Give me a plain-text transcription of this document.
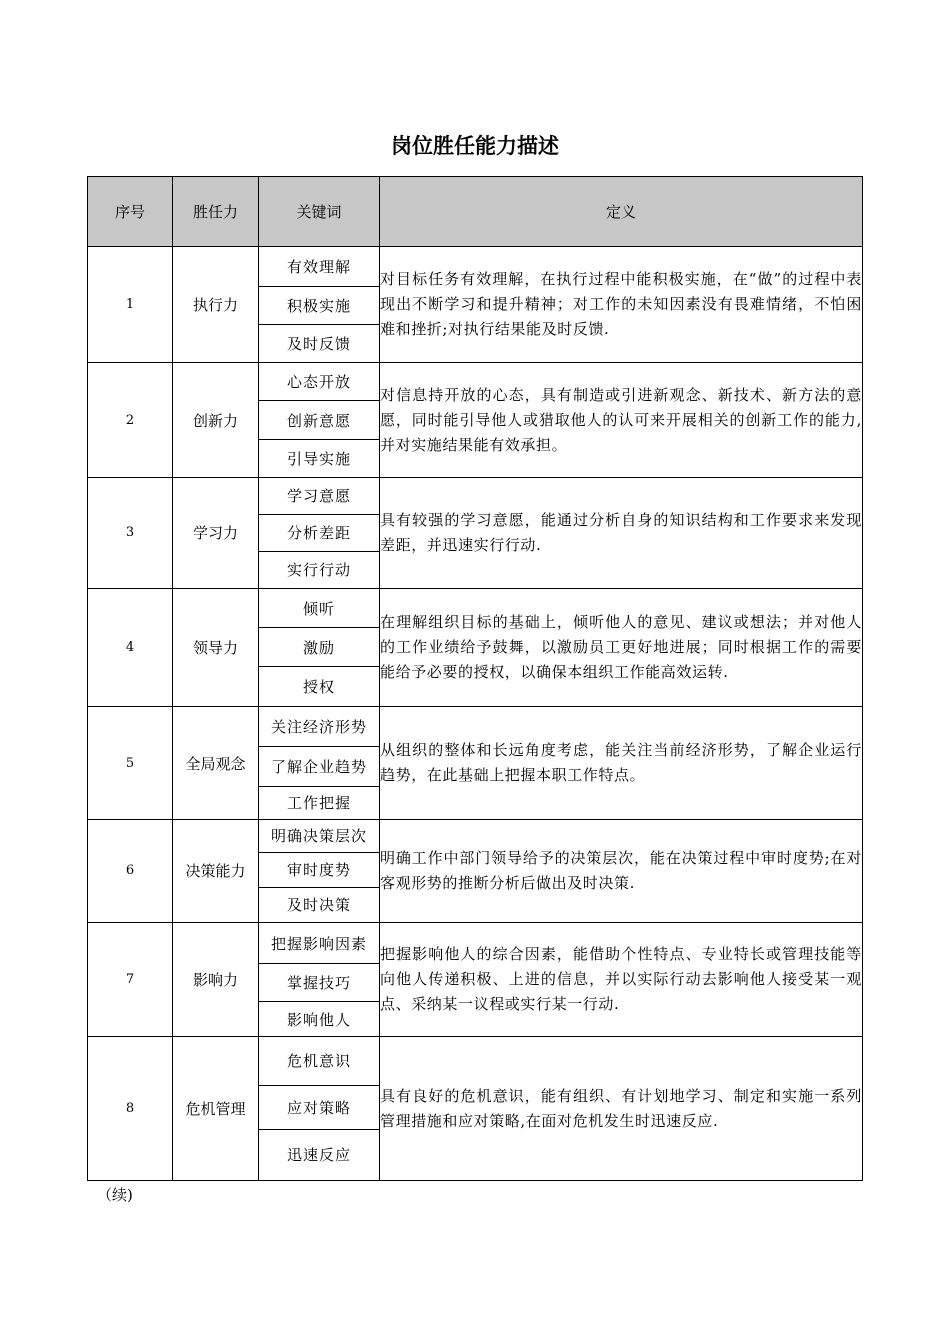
岗位胜任能力描述
序号	胜任力	关键词	定义
1	执行力	有效理解	对目标任务有效理解，在执行过程中能积极实施，在“做”的过程中表现出不断学习和提升精神；对工作的未知因素没有畏难情绪，不怕困难和挫折;对执行结果能及时反馈.
		积极实施	
		及时反馈	
2	创新力	心态开放	对信息持开放的心态，具有制造或引进新观念、新技术、新方法的意愿，同时能引导他人或猎取他人的认可来开展相关的创新工作的能力,并对实施结果能有效承担。
		创新意愿	
		引导实施	
3	学习力	学习意愿	具有较强的学习意愿，能通过分析自身的知识结构和工作要求来发现差距，并迅速实行行动.
		分析差距	
		实行行动	
4	领导力	倾听	在理解组织目标的基础上，倾听他人的意见、建议或想法；并对他人的工作业绩给予鼓舞，以激励员工更好地进展；同时根据工作的需要能给予必要的授权，以确保本组织工作能高效运转.
		激励	
		授权	
5	全局观念	关注经济形势	从组织的整体和长远角度考虑，能关注当前经济形势，了解企业运行趋势，在此基础上把握本职工作特点。
		了解企业趋势	
		工作把握	
6	决策能力	明确决策层次	明确工作中部门领导给予的决策层次，能在决策过程中审时度势;在对客观形势的推断分析后做出及时决策.
		审时度势	
		及时决策	
7	影响力	把握影响因素	把握影响他人的综合因素，能借助个性特点、专业特长或管理技能等向他人传递积极、上进的信息，并以实际行动去影响他人接受某一观点、采纳某一议程或实行某一行动.
		掌握技巧	
		影响他人	
8	危机管理	危机意识	具有良好的危机意识，能有组织、有计划地学习、制定和实施一系列管理措施和应对策略,在面对危机发生时迅速反应.
		应对策略	
		迅速反应	
（续)
